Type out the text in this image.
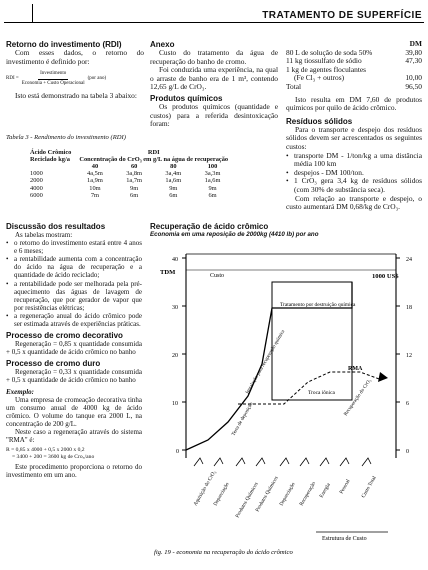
TRATAMENTO DE SUPERFÍCIE
Retorno do investimento (RDI)
Com esses dados, o retorno do investimento é definido por:
RDI = $\frac{\text{Investimento}}{\text{Economia + Custo Operacional}} (por$ ano)
Isto está demonstrado na tabela 3 abaixo:
Anexo
Custo do tratamento da água de recuperação do banho de cromo.
Foi conduzida uma experiência, na qual o arraste de banho era de 1 m³, contendo 12,65 g/L de CrO₃.
Produtos químicos
Os produtos químicos (quantidade e custos) para a referida desintoxicação foram:
DM
80 L de solução de soda 50%	39,80
11 kg tiossulfato de sódio	47,30
1 kg de agentes floculantes
(Fe Cl₃ + outros)	10,00
Total	96,50
Isto resulta em DM 7,60 de produtos químicos por quilo de ácido crômico.
Resíduos sólidos
Para o transporte e despejo dos resíduos sólidos devem ser acrescentados os seguintes custos:
• transporte DM - 1/ton/kg a uma distância média 100 km
• despejos - DM 100/ton.
• 1 CrO₃ gera 3,4 kg de resíduos sólidos (com 30% de substância seca).
Com relação ao transporte e despejo, o custo aumentará DM 0,68/kg de CrO₃.
Tabela 3 - Rendimento do investimento (RDI)
Ácido Crômico	RDI			
Reciclado kg/a	Concentração do CrO₃ em g/L na água de recuperação			
	40	60	80	100
1000	4a,5m	3a,8m	3a,4m	3a,3m
2000	1a,9m	1a,7m	1a,6m	1a,6m
4000	10m	9m	9m	9m
6000	7m	6m	6m	6m
Discussão dos resultados
As tabelas mostram:
• o retorno do investimento estará entre 4 anos e 6 meses;
• a rentabilidade aumenta com a concentração do ácido na água de recuperação e a quantidade de ácido reciclado;
• a rentabilidade pode ser melhorada pela pré-aquecimento das águas de lavagem de recuperação, que por gerador de vapor que por resistências elétricas;
• a regeneração anual do ácido crômico pode ser estimada através de experiências práticas.
Processo de cromo decorativo
Regeneração = 0,85 x quantidade consumida + 0,5 x quantidade de ácido crômico no banho
Processo de cromo duro
Regeneração = 0,33 x quantidade consumida + 0,5 x quantidade de ácido crômico no banho
Exemplo:
Uma empresa de cromeação decorativa tinha um consumo anual de 4000 kg de ácido crômico. O volume do tanque era 2000 L, na concentração de 200 g/L.
Neste caso a regeneração através do sistema "RMA" é:
R = 0,85 x 4000 + 0,5 x 2000 x 0,2
= 3400 + 200 = 3600 kg de Cro₃/ano
Este procedimento proporciona o retorno do investimento em um ano.
Recuperação de ácido crômico
Economia em uma reposição de 2000kg (4410 lb) por ano
40
30
20
10
0
24
18
12
6
0
TDM
1000 US$
Custo
Tratamento por destruição química
RMA
Troca iônica
Instalação para recuperação química
Terra de deposição
Recuperação do CrO₃
Aquisição do CrO₃
Depreciação Produtos Químicos
Produtos Químicos
Depreciação Recuperação Energia Pessoal Custo Total
Estrutura de Custo
fig. 19 - economia na recuperação do ácido crômico
